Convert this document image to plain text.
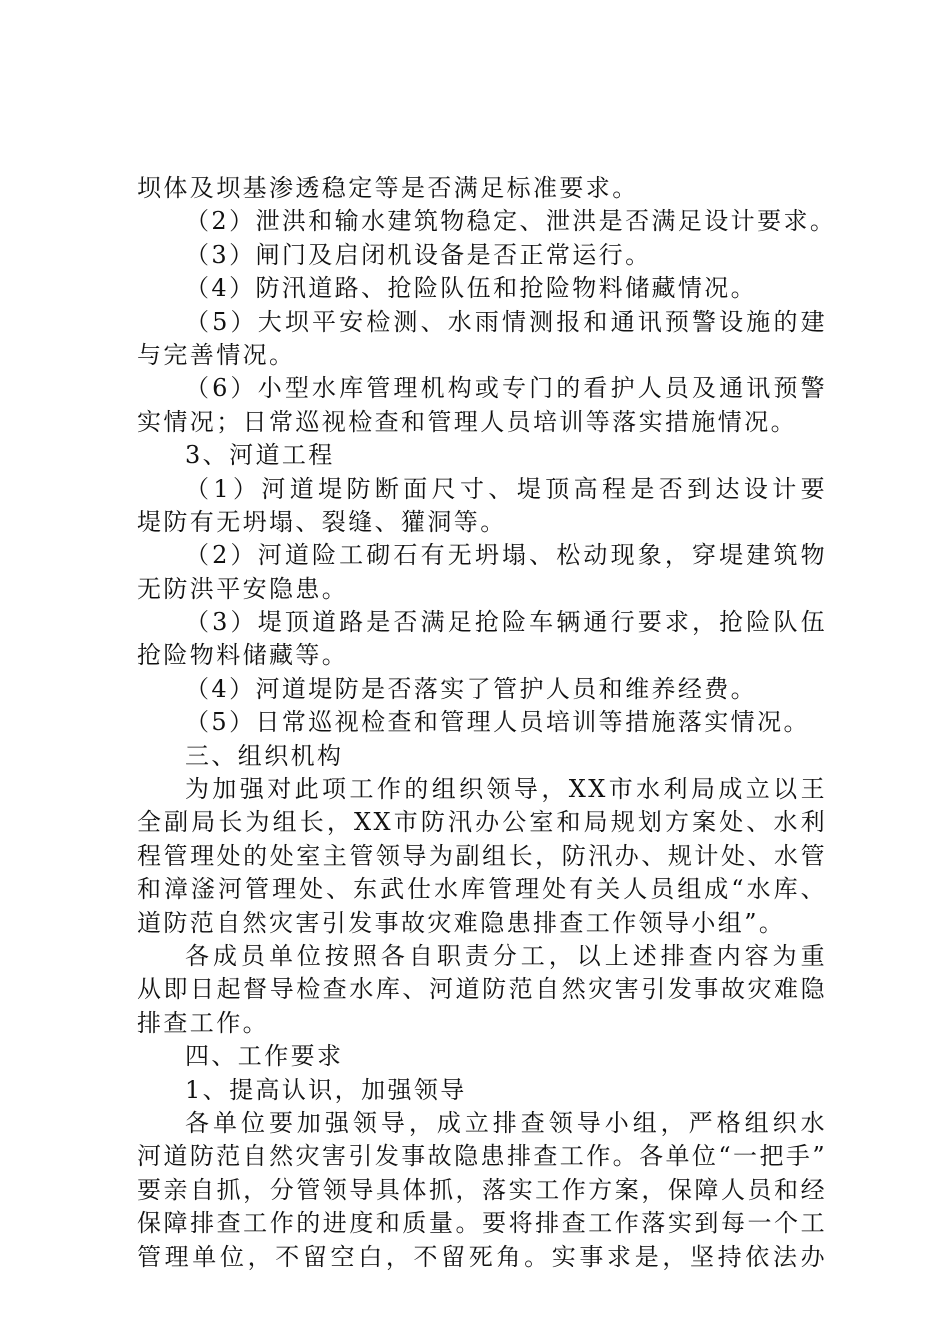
坝体及坝基渗透稳定等是否满足标准要求。
（2）泄洪和输水建筑物稳定、泄洪是否满足设计要求。
（3）闸门及启闭机设备是否正常运行。
（4）防汛道路、抢险队伍和抢险物料储藏情况。
（5）大坝平安检测、水雨情测报和通讯预警设施的建
与完善情况。
（6）小型水库管理机构或专门的看护人员及通讯预警
实情况；日常巡视检查和管理人员培训等落实措施情况。
3、河道工程
（1）河道堤防断面尺寸、堤顶高程是否到达设计要
堤防有无坍塌、裂缝、獾洞等。
（2）河道险工砌石有无坍塌、松动现象，穿堤建筑物
无防洪平安隐患。
（3）堤顶道路是否满足抢险车辆通行要求，抢险队伍
抢险物料储藏等。
（4）河道堤防是否落实了管护人员和维养经费。
（5）日常巡视检查和管理人员培训等措施落实情况。
三、组织机构
为加强对此项工作的组织领导，XX市水利局成立以王
全副局长为组长，XX市防汛办公室和局规划方案处、水利
程管理处的处室主管领导为副组长，防汛办、规计处、水管
和漳滏河管理处、东武仕水库管理处有关人员组成“水库、
道防范自然灾害引发事故灾难隐患排查工作领导小组”。
各成员单位按照各自职责分工，以上述排查内容为重
从即日起督导检查水库、河道防范自然灾害引发事故灾难隐
排查工作。
四、工作要求
1、提高认识，加强领导
各单位要加强领导，成立排查领导小组，严格组织水
河道防范自然灾害引发事故隐患排查工作。各单位“一把手”
要亲自抓，分管领导具体抓，落实工作方案，保障人员和经
保障排查工作的进度和质量。要将排查工作落实到每一个工
管理单位，不留空白，不留死角。实事求是，坚持依法办
